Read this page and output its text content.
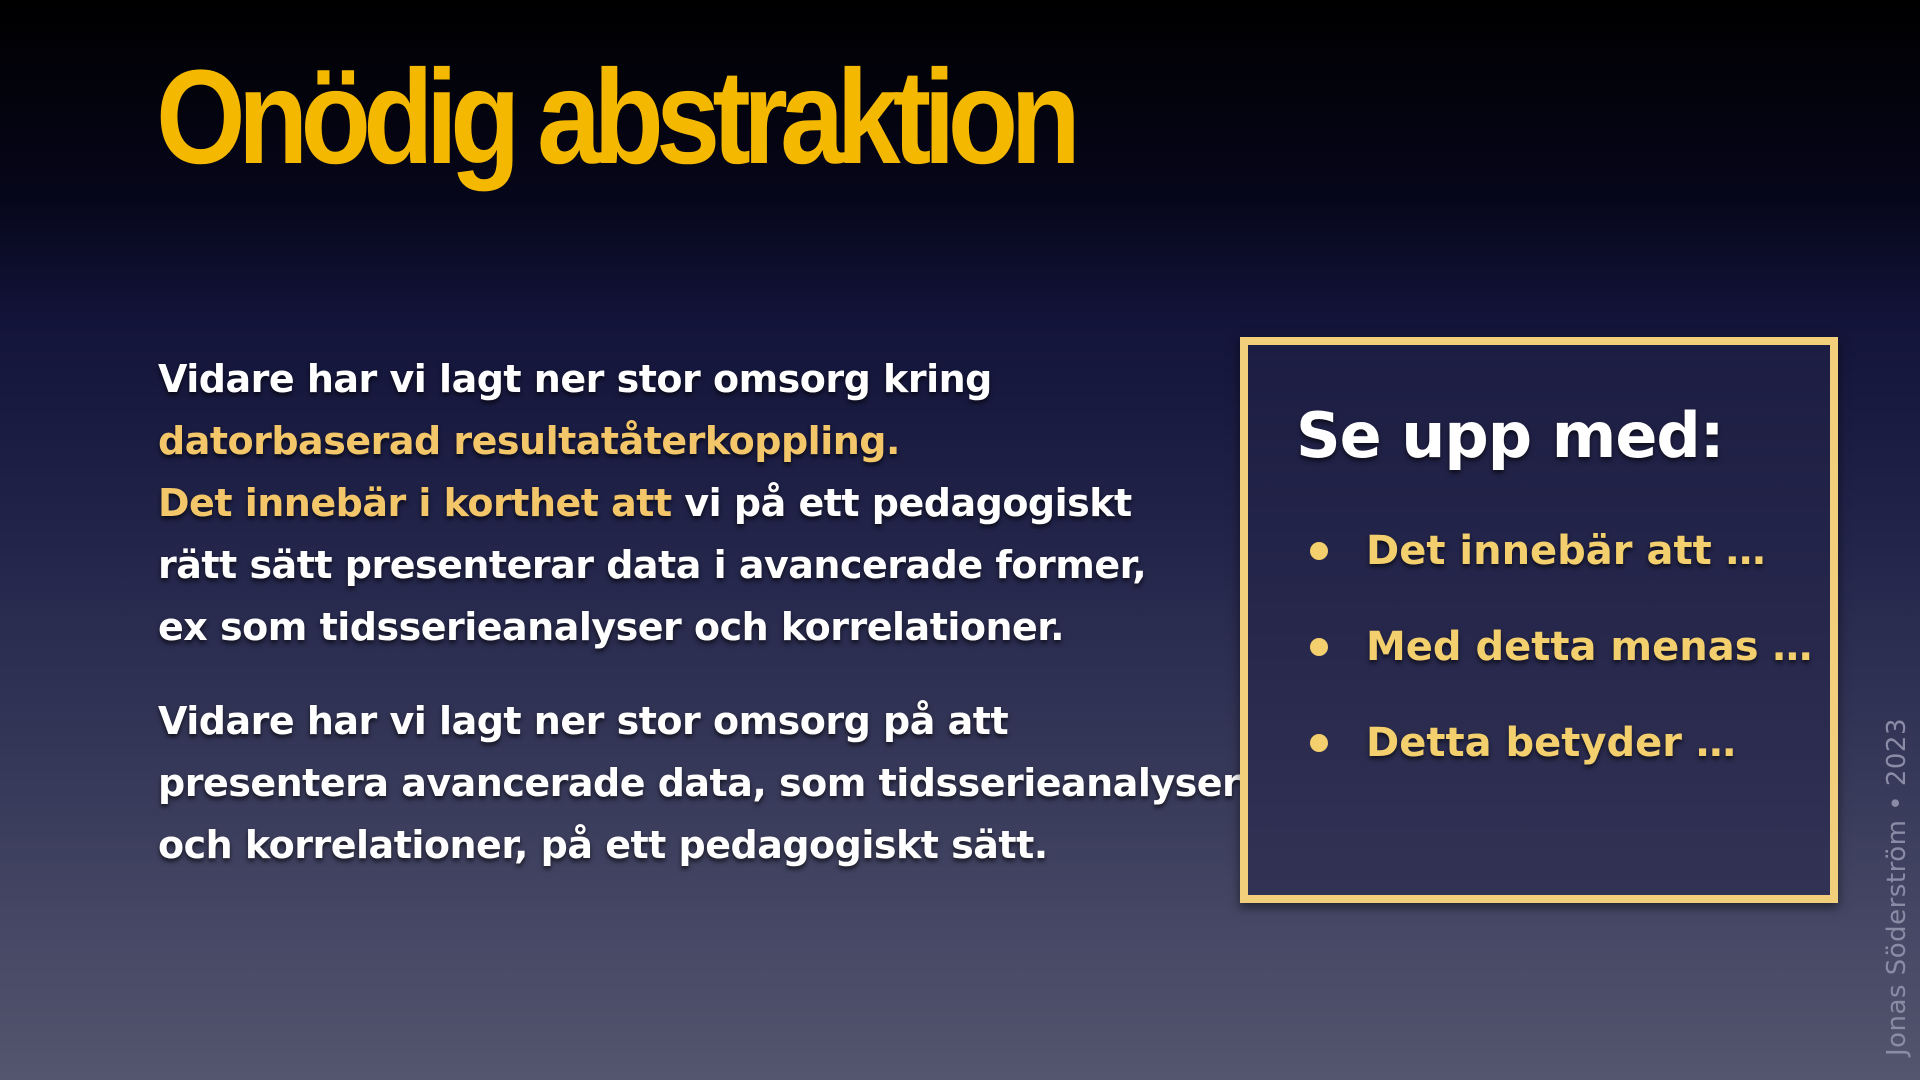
Onödig abstraktion

Vidare har vi lagt ner stor omsorg kring
datorbaserad resultatåterkoppling.
Det innebär i korthet att vi på ett pedagogiskt
rätt sätt presenterar data i avancerade former,
ex som tidsserieanalyser och korrelationer.

Vidare har vi lagt ner stor omsorg på att
presentera avancerade data, som tidsserieanalyser
och korrelationer, på ett pedagogiskt sätt.

Se upp med:
Det innebär att …
Med detta menas …
Detta betyder …	Jonas Söderström • 2023
